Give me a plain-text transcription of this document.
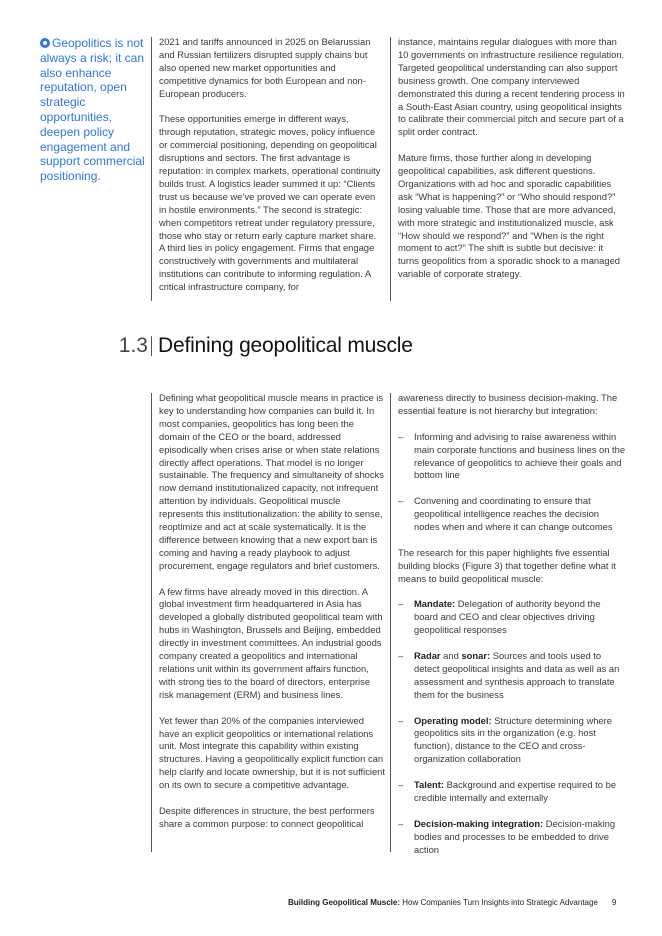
Geopolitics is not always a risk; it can also enhance reputation, open strategic opportunities, deepen policy engagement and support commercial positioning.

2021 and tariffs announced in 2025 on Belarussian and Russian fertilizers disrupted supply chains but also opened new market opportunities and competitive dynamics for both European and non-European producers.

These opportunities emerge in different ways, through reputation, strategic moves, policy influence or commercial positioning, depending on geopolitical disruptions and sectors. The first advantage is reputation: in complex markets, operational continuity builds trust. A logistics leader summed it up: “Clients trust us because we’ve proved we can operate even in hostile environments.” The second is strategic: when competitors retreat under regulatory pressure, those who stay or return early capture market share. A third lies in policy engagement. Firms that engage constructively with governments and multilateral institutions can contribute to informing regulation. A critical infrastructure company, for

instance, maintains regular dialogues with more than 10 governments on infrastructure resilience regulation. Targeted geopolitical understanding can also support business growth. One company interviewed demonstrated this during a recent tendering process in a South-East Asian country, using geopolitical insights to calibrate their commercial pitch and secure part of a split order contract.

Mature firms, those further along in developing geopolitical capabilities, ask different questions. Organizations with ad hoc and sporadic capabilities ask “What is happening?” or “Who should respond?” losing valuable time. Those that are more advanced, with more strategic and institutionalized muscle, ask “How should we respond?” and “When is the right moment to act?” The shift is subtle but decisive: it turns geopolitics from a sporadic shock to a managed variable of corporate strategy.

1.3 Defining geopolitical muscle

Defining what geopolitical muscle means in practice is key to understanding how companies can build it. In most companies, geopolitics has long been the domain of the CEO or the board, addressed episodically when crises arise or when state relations directly affect operations. That model is no longer sustainable. The frequency and simultaneity of shocks now demand institutionalized capacity, not infrequent attention by individuals. Geopolitical muscle represents this institutionalization: the ability to sense, reoptimize and act at scale systematically. It is the difference between knowing that a new export ban is coming and having a ready playbook to adjust procurement, engage regulators and brief customers.

A few firms have already moved in this direction. A global investment firm headquartered in Asia has developed a globally distributed geopolitical team with hubs in Washington, Brussels and Beijing, embedded directly in investment committees. An industrial goods company created a geopolitics and international relations unit within its government affairs function, with strong ties to the board of directors, enterprise risk management (ERM) and business lines.

Yet fewer than 20% of the companies interviewed have an explicit geopolitics or international relations unit. Most integrate this capability within existing structures. Having a geopolitically explicit function can help clarify and locate ownership, but it is not sufficient on its own to secure a competitive advantage.

Despite differences in structure, the best performers share a common purpose: to connect geopolitical

awareness directly to business decision-making. The essential feature is not hierarchy but integration:

– Informing and advising to raise awareness within main corporate functions and business lines on the relevance of geopolitics to achieve their goals and bottom line
– Convening and coordinating to ensure that geopolitical intelligence reaches the decision nodes when and where it can change outcomes

The research for this paper highlights five essential building blocks (Figure 3) that together define what it means to build geopolitical muscle:

– Mandate: Delegation of authority beyond the board and CEO and clear objectives driving geopolitical responses
– Radar and sonar: Sources and tools used to detect geopolitical insights and data as well as an assessment and synthesis approach to translate them for the business
– Operating model: Structure determining where geopolitics sits in the organization (e.g. host function), distance to the CEO and cross-organization collaboration
– Talent: Background and expertise required to be credible internally and externally
– Decision-making integration: Decision-making bodies and processes to be embedded to drive action
Building Geopolitical Muscle: How Companies Turn Insights into Strategic Advantage 9
